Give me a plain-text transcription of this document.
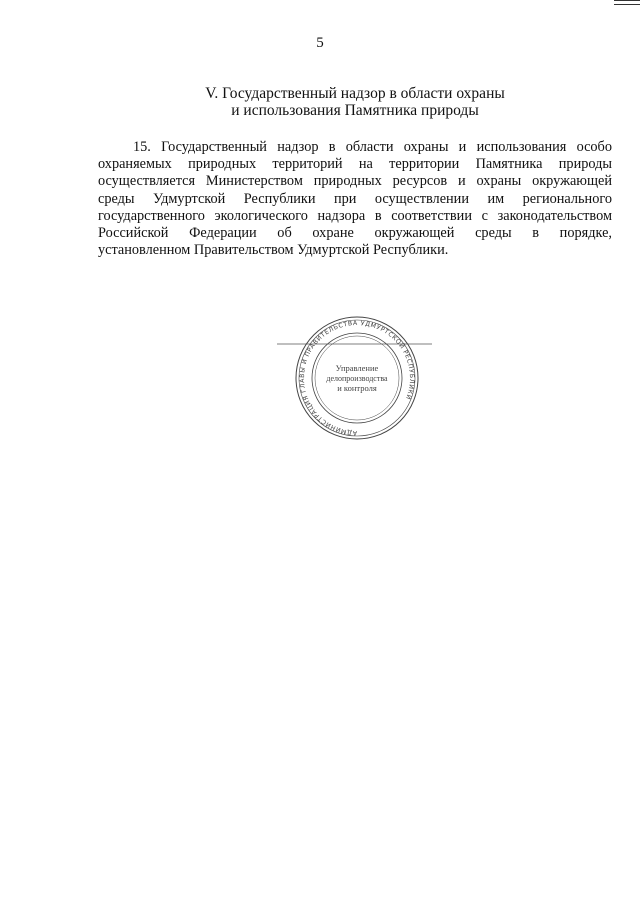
5
V. Государственный надзор в области охраны
и использования Памятника природы
15. Государственный надзор в области охраны и использования особо
охраняемых природных территорий на территории Памятника природы
осуществляется Министерством природных ресурсов и охраны окружающей
среды Удмуртской Республики при осуществлении им регионального
государственного экологического надзора в соответствии с законодательством
Российской Федерации об охране окружающей среды в порядке,
установленном Правительством Удмуртской Республики.
АДМИНИСТРАЦИЯ ГЛАВЫ И ПРАВИТЕЛЬСТВА УДМУРТСКОЙ РЕСПУБЛИКИ
Управление
делопроизводства
и контроля
